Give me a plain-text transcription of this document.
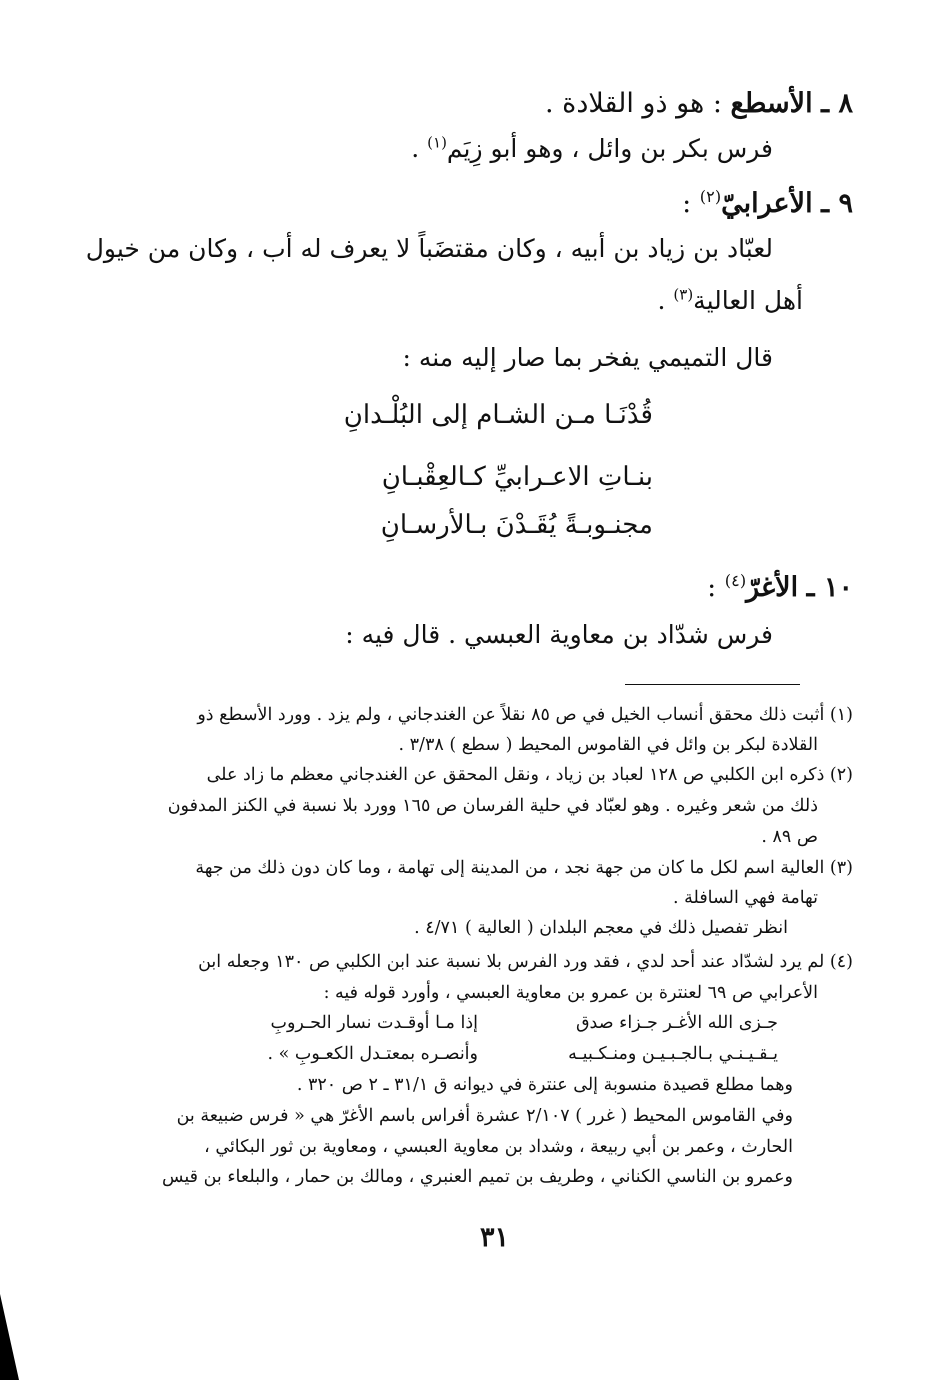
٨ ـ الأسطع : هو ذو القلادة .
فرس بكر بن وائل ، وهو أبو زِيَم$^{(١)}$ .
٩ ـ الأعرابيّ$^{(٢)}$ :
لعبّاد بن زياد بن أبيه ، وكان مقتضَباً لا يعرف له أب ، وكان من خيول
أهل العالية$^{(٣)}$ .
قال التميمي يفخر بما صار إليه منه :
قُدْنَـا مـن الشـام إلى البُلْـدانِ
بنـاتِ الاعـرابيِّ كـالعِقْبـانِ
مجنـوبـةً يُقَـدْنَ بـالأرسـانِ
١٠ ـ الأغرّ$^{(٤)}$ :
فرس شدّاد بن معاوية العبسي . قال فيه :
(١) أثبت ذلك محقق أنساب الخيل في ص ٨٥ نقلاً عن الغندجاني ، ولم يزد . وورد الأسطع ذو
القلادة لبكر بن وائل في القاموس المحيط ( سطع ) ٣/٣٨ .
(٢) ذكره ابن الكلبي ص ١٢٨ لعباد بن زياد ، ونقل المحقق عن الغندجاني معظم ما زاد على
ذلك من شعر وغيره . وهو لعبّاد في حلية الفرسان ص ١٦٥ وورد بلا نسبة في الكنز المدفون
ص ٨٩ .
(٣) العالية اسم لكل ما كان من جهة نجد ، من المدينة إلى تهامة ، وما كان دون ذلك من جهة
تهامة فهي السافلة .
انظر تفصيل ذلك في معجم البلدان ( العالية ) ٤/٧١ .
(٤) لم يرد لشدّاد عند أحد لدي ، فقد ورد الفرس بلا نسبة عند ابن الكلبي ص ١٣٠ وجعله ابن
الأعرابي ص ٦٩ لعنترة بن عمرو بن معاوية العبسي ، وأورد قوله فيه :
جـزى الله الأغـر جـزاء صدق
إذا مـا أوقـدت نسار الحـروبِ
يـقـيـنـي بـالجـبـيـن ومنـكـبيـه
وأنصـره بمعتـدل الكعـوبِ » .
وهما مطلع قصيدة منسوبة إلى عنترة في ديوانه ق ٣١/١ ـ ٢ ص ٣٢٠ .
وفي القاموس المحيط ( غرر ) ٢/١٠٧ عشرة أفراس باسم الأغرّ هي « فرس ضبيعة بن
الحارث ، وعمر بن أبي ربيعة ، وشداد بن معاوية العبسي ، ومعاوية بن ثور البكائي ،
وعمرو بن الناسي الكناني ، وطريف بن تميم العنبري ، ومالك بن حمار ، والبلعاء بن قيس
٣١
